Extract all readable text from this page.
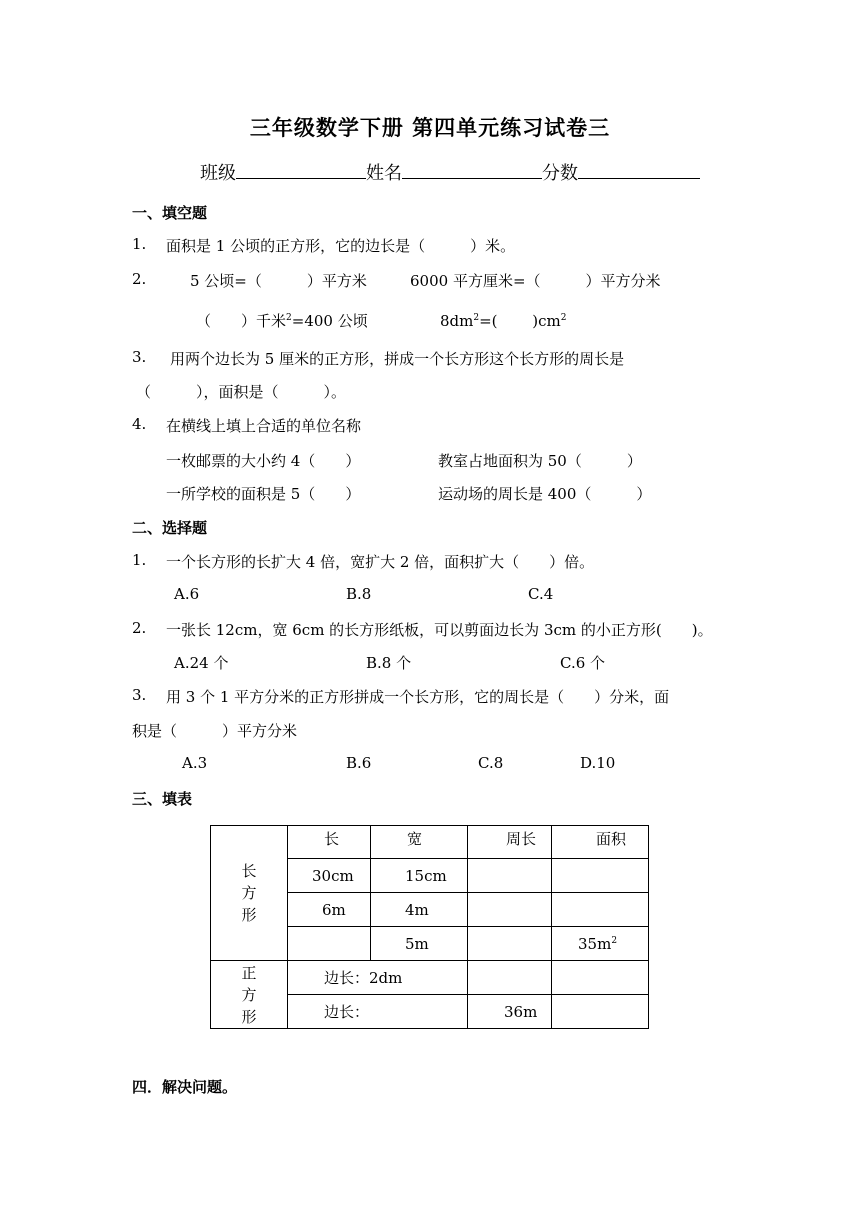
三年级数学下册 第四单元练习试卷三
班级	姓名	分数
一、填空题
1. 面积是 1 公顷的正方形，它的边长是（　　　）米。
2.	5 公顷=（　　　）平方米	6000 平方厘米=（　　　）平方分米
（　　）千米$^2$=400 公顷	$8dm^2=$(　　 )$cm^2$
3. 用两个边长为 5 厘米的正方形，拼成一个长方形这个长方形的周长是
（　　　），面积是（　　　）。
4. 在横线上填上合适的单位名称
一枚邮票的大小约 4（　　）	教室占地面积为 50（　　　）
一所学校的面积是 5（　　）	运动场的周长是 400（　　　）
二、选择题
1. 一个长方形的长扩大 4 倍，宽扩大 2 倍，面积扩大（　　）倍。
A.6	B.8	C.4
2. 一张长 12cm，宽 6cm 的长方形纸板，可以剪面边长为 3cm 的小正方形(　　)。
A.24 个	B.8 个	C.6 个
3. 用 3 个 1 平方分米的正方形拼成一个长方形，它的周长是（　　）分米，面
积是（　　　）平方分米
A.3	B.6	C.8	D.10
三、填表
长
方
形	长	宽	周长	面积
	30cm	15cm		
	6m	4m		
		5m		$35m^2$

正
方
形	边长：2dm			
	边长：		36m	
四．解决问题。
